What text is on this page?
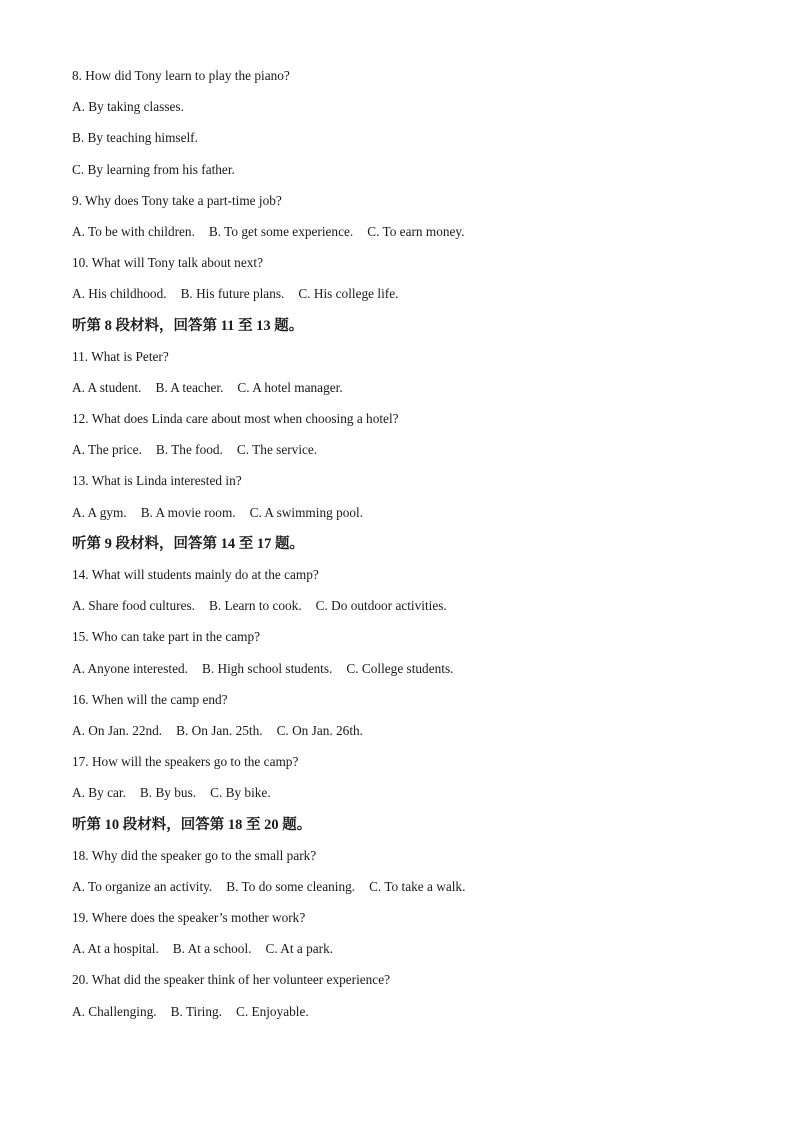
8. How did Tony learn to play the piano?
A. By taking classes.
B. By teaching himself.
C. By learning from his father.
9. Why does Tony take a part-time job?
A. To be with children. B. To get some experience. C. To earn money.
10. What will Tony talk about next?
A. His childhood. B. His future plans. C. His college life.
听第 8 段材料，回答第 11 至 13 题。
11. What is Peter?
A. A student. B. A teacher. C. A hotel manager.
12. What does Linda care about most when choosing a hotel?
A. The price. B. The food. C. The service.
13. What is Linda interested in?
A. A gym. B. A movie room. C. A swimming pool.
听第 9 段材料，回答第 14 至 17 题。
14. What will students mainly do at the camp?
A. Share food cultures. B. Learn to cook. C. Do outdoor activities.
15. Who can take part in the camp?
A. Anyone interested. B. High school students. C. College students.
16. When will the camp end?
A. On Jan. 22nd. B. On Jan. 25th. C. On Jan. 26th.
17. How will the speakers go to the camp?
A. By car. B. By bus. C. By bike.
听第 10 段材料，回答第 18 至 20 题。
18. Why did the speaker go to the small park?
A. To organize an activity. B. To do some cleaning. C. To take a walk.
19. Where does the speaker’s mother work?
A. At a hospital. B. At a school. C. At a park.
20. What did the speaker think of her volunteer experience?
A. Challenging. B. Tiring. C. Enjoyable.
